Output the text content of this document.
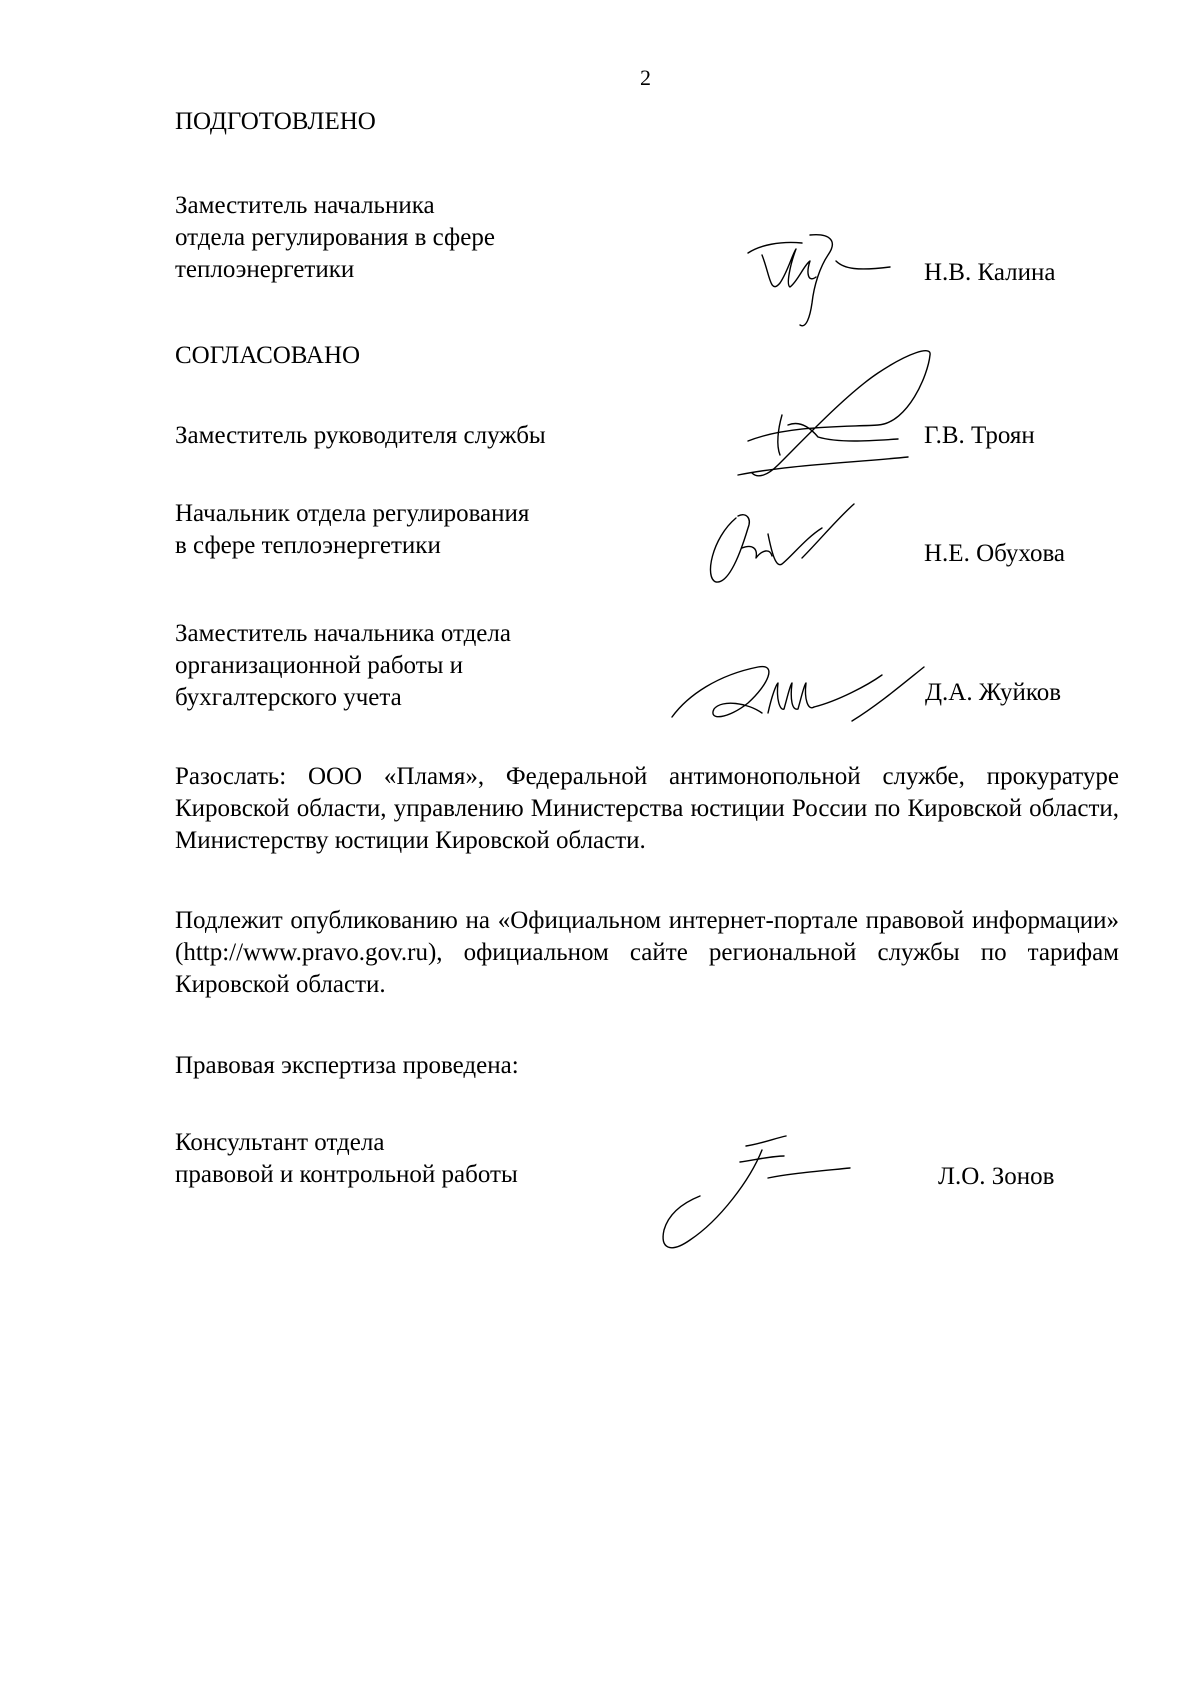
2
ПОДГОТОВЛЕНО
Заместитель начальника
отдела регулирования в сфере
теплоэнергетики	Н.В. Калина
СОГЛАСОВАНО
Заместитель руководителя службы	Г.В. Троян
Начальник отдела регулирования
в сфере теплоэнергетики	Н.Е. Обухова
Заместитель начальника отдела
организационной работы и
бухгалтерского учета	Д.А. Жуйков
Разослать: ООО «Пламя», Федеральной антимонопольной службе, прокуратуре Кировской области, управлению Министерства юстиции России по Кировской области, Министерству юстиции Кировской области.
Подлежит опубликованию на «Официальном интернет-портале правовой информации» (http://www.pravo.gov.ru), официальном сайте региональной службы по тарифам Кировской области.
Правовая экспертиза проведена:
Консультант отдела
правовой и контрольной работы	Л.О. Зонов
